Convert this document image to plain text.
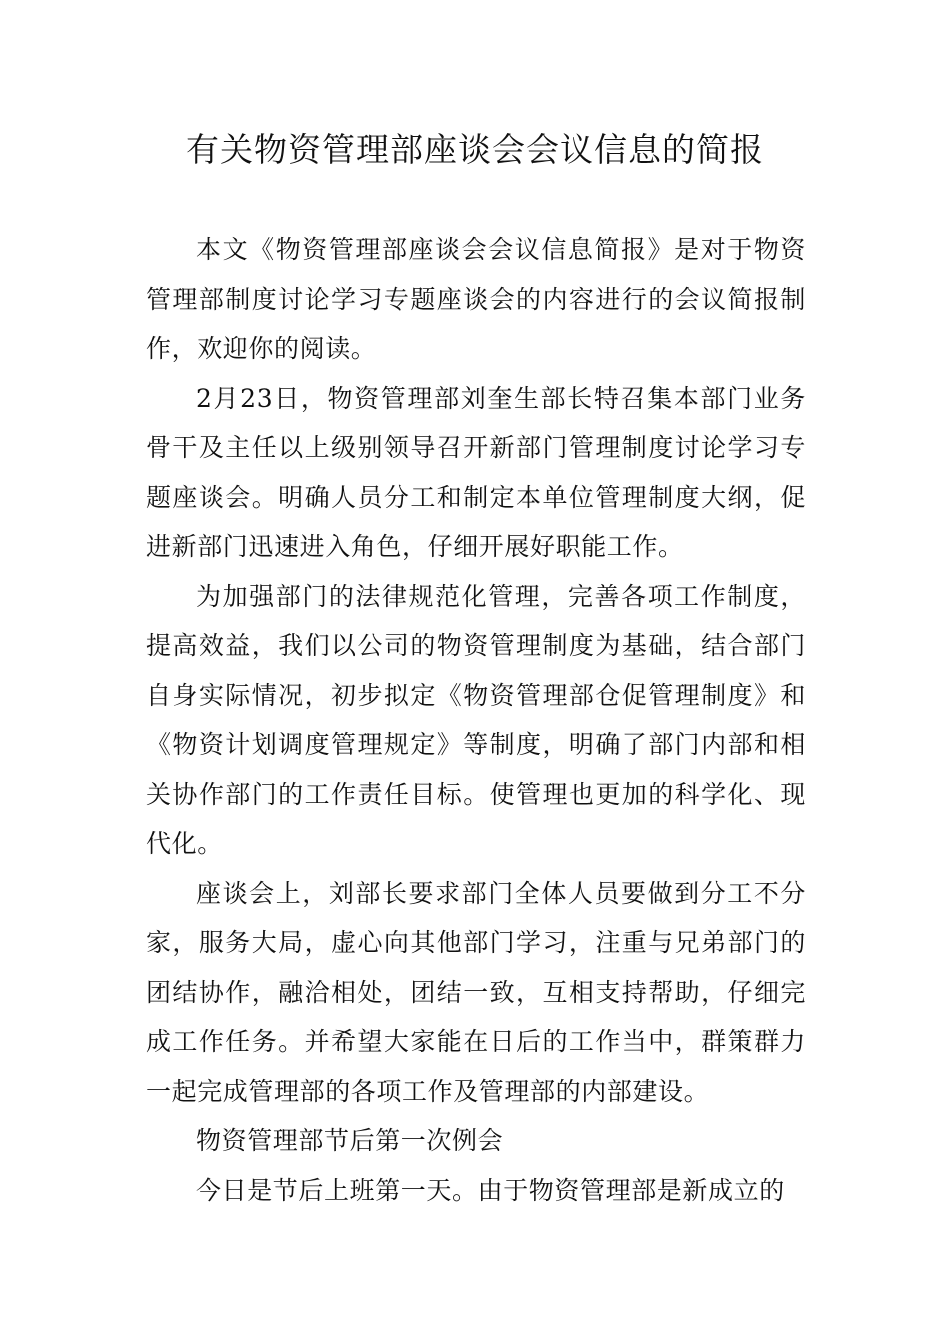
有关物资管理部座谈会会议信息的简报

本文《物资管理部座谈会会议信息简报》是对于物资管理部制度讨论学习专题座谈会的内容进行的会议简报制作，欢迎你的阅读。

2月23日，物资管理部刘奎生部长特召集本部门业务骨干及主任以上级别领导召开新部门管理制度讨论学习专题座谈会。明确人员分工和制定本单位管理制度大纲，促进新部门迅速进入角色，仔细开展好职能工作。

为加强部门的法律规范化管理，完善各项工作制度，提高效益，我们以公司的物资管理制度为基础，结合部门自身实际情况，初步拟定《物资管理部仓促管理制度》和《物资计划调度管理规定》等制度，明确了部门内部和相关协作部门的工作责任目标。使管理也更加的科学化、现代化。

座谈会上，刘部长要求部门全体人员要做到分工不分家，服务大局，虚心向其他部门学习，注重与兄弟部门的团结协作，融洽相处，团结一致，互相支持帮助，仔细完成工作任务。并希望大家能在日后的工作当中，群策群力一起完成管理部的各项工作及管理部的内部建设。

物资管理部节后第一次例会

今日是节后上班第一天。由于物资管理部是新成立的
